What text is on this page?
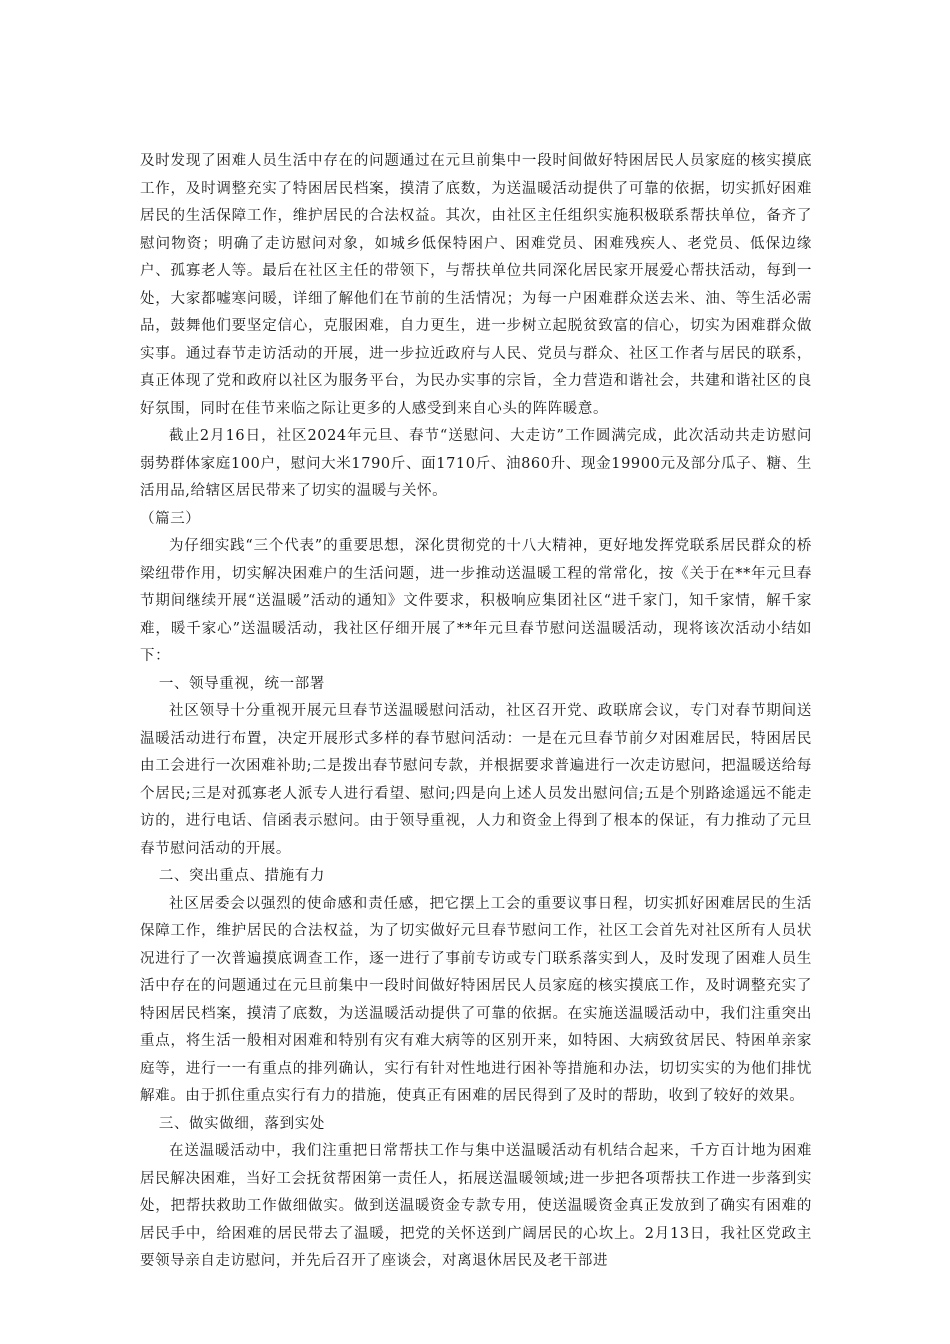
及时发现了困难人员生活中存在的问题通过在元旦前集中一段时间做好特困居民人员家庭的核实摸底工作，及时调整充实了特困居民档案，摸清了底数，为送温暖活动提供了可靠的依据，切实抓好困难居民的生活保障工作，维护居民的合法权益。其次，由社区主任组织实施积极联系帮扶单位，备齐了慰问物资；明确了走访慰问对象，如城乡低保特困户、困难党员、困难残疾人、老党员、低保边缘户、孤寡老人等。最后在社区主任的带领下，与帮扶单位共同深化居民家开展爱心帮扶活动，每到一处，大家都嘘寒问暖，详细了解他们在节前的生活情况；为每一户困难群众送去米、油、等生活必需品，鼓舞他们要坚定信心，克服困难，自力更生，进一步树立起脱贫致富的信心，切实为困难群众做实事。通过春节走访活动的开展，进一步拉近政府与人民、党员与群众、社区工作者与居民的联系，真正体现了党和政府以社区为服务平台，为民办实事的宗旨，全力营造和谐社会，共建和谐社区的良好氛围，同时在佳节来临之际让更多的人感受到来自心头的阵阵暖意。

截止2月16日，社区2024年元旦、春节“送慰问、大走访”工作圆满完成，此次活动共走访慰问弱势群体家庭100户，慰问大米1790斤、面1710斤、油860升、现金19900元及部分瓜子、糖、生活用品,给辖区居民带来了切实的温暖与关怀。

（篇三）

为仔细实践“三个代表”的重要思想，深化贯彻党的十八大精神，更好地发挥党联系居民群众的桥梁纽带作用，切实解决困难户的生活问题，进一步推动送温暖工程的常常化，按《关于在**年元旦春节期间继续开展“送温暖”活动的通知》文件要求，积极响应集团社区“进千家门，知千家情，解千家难，暖千家心”送温暖活动，我社区仔细开展了**年元旦春节慰问送温暖活动，现将该次活动小结如下：

一、领导重视，统一部署

社区领导十分重视开展元旦春节送温暖慰问活动，社区召开党、政联席会议，专门对春节期间送温暖活动进行布置，决定开展形式多样的春节慰问活动：一是在元旦春节前夕对困难居民，特困居民由工会进行一次困难补助;二是拨出春节慰问专款，并根据要求普遍进行一次走访慰问，把温暖送给每个居民;三是对孤寡老人派专人进行看望、慰问;四是向上述人员发出慰问信;五是个别路途遥远不能走访的，进行电话、信函表示慰问。由于领导重视，人力和资金上得到了根本的保证，有力推动了元旦春节慰问活动的开展。

二、突出重点、措施有力

社区居委会以强烈的使命感和责任感，把它摆上工会的重要议事日程，切实抓好困难居民的生活保障工作，维护居民的合法权益，为了切实做好元旦春节慰问工作，社区工会首先对社区所有人员状况进行了一次普遍摸底调查工作，逐一进行了事前专访或专门联系落实到人，及时发现了困难人员生活中存在的问题通过在元旦前集中一段时间做好特困居民人员家庭的核实摸底工作，及时调整充实了特困居民档案，摸清了底数，为送温暖活动提供了可靠的依据。在实施送温暖活动中，我们注重突出重点，将生活一般相对困难和特别有灾有难大病等的区别开来，如特困、大病致贫居民、特困单亲家庭等，进行一一有重点的排列确认，实行有针对性地进行困补等措施和办法，切切实实的为他们排忧解难。由于抓住重点实行有力的措施，使真正有困难的居民得到了及时的帮助，收到了较好的效果。

三、做实做细，落到实处

在送温暖活动中，我们注重把日常帮扶工作与集中送温暖活动有机结合起来，千方百计地为困难居民解决困难，当好工会抚贫帮困第一责任人，拓展送温暖领域;进一步把各项帮扶工作进一步落到实处，把帮扶救助工作做细做实。做到送温暖资金专款专用，使送温暖资金真正发放到了确实有困难的居民手中，给困难的居民带去了温暖，把党的关怀送到广阔居民的心坎上。2月13日，我社区党政主要领导亲自走访慰问，并先后召开了座谈会，对离退休居民及老干部进
